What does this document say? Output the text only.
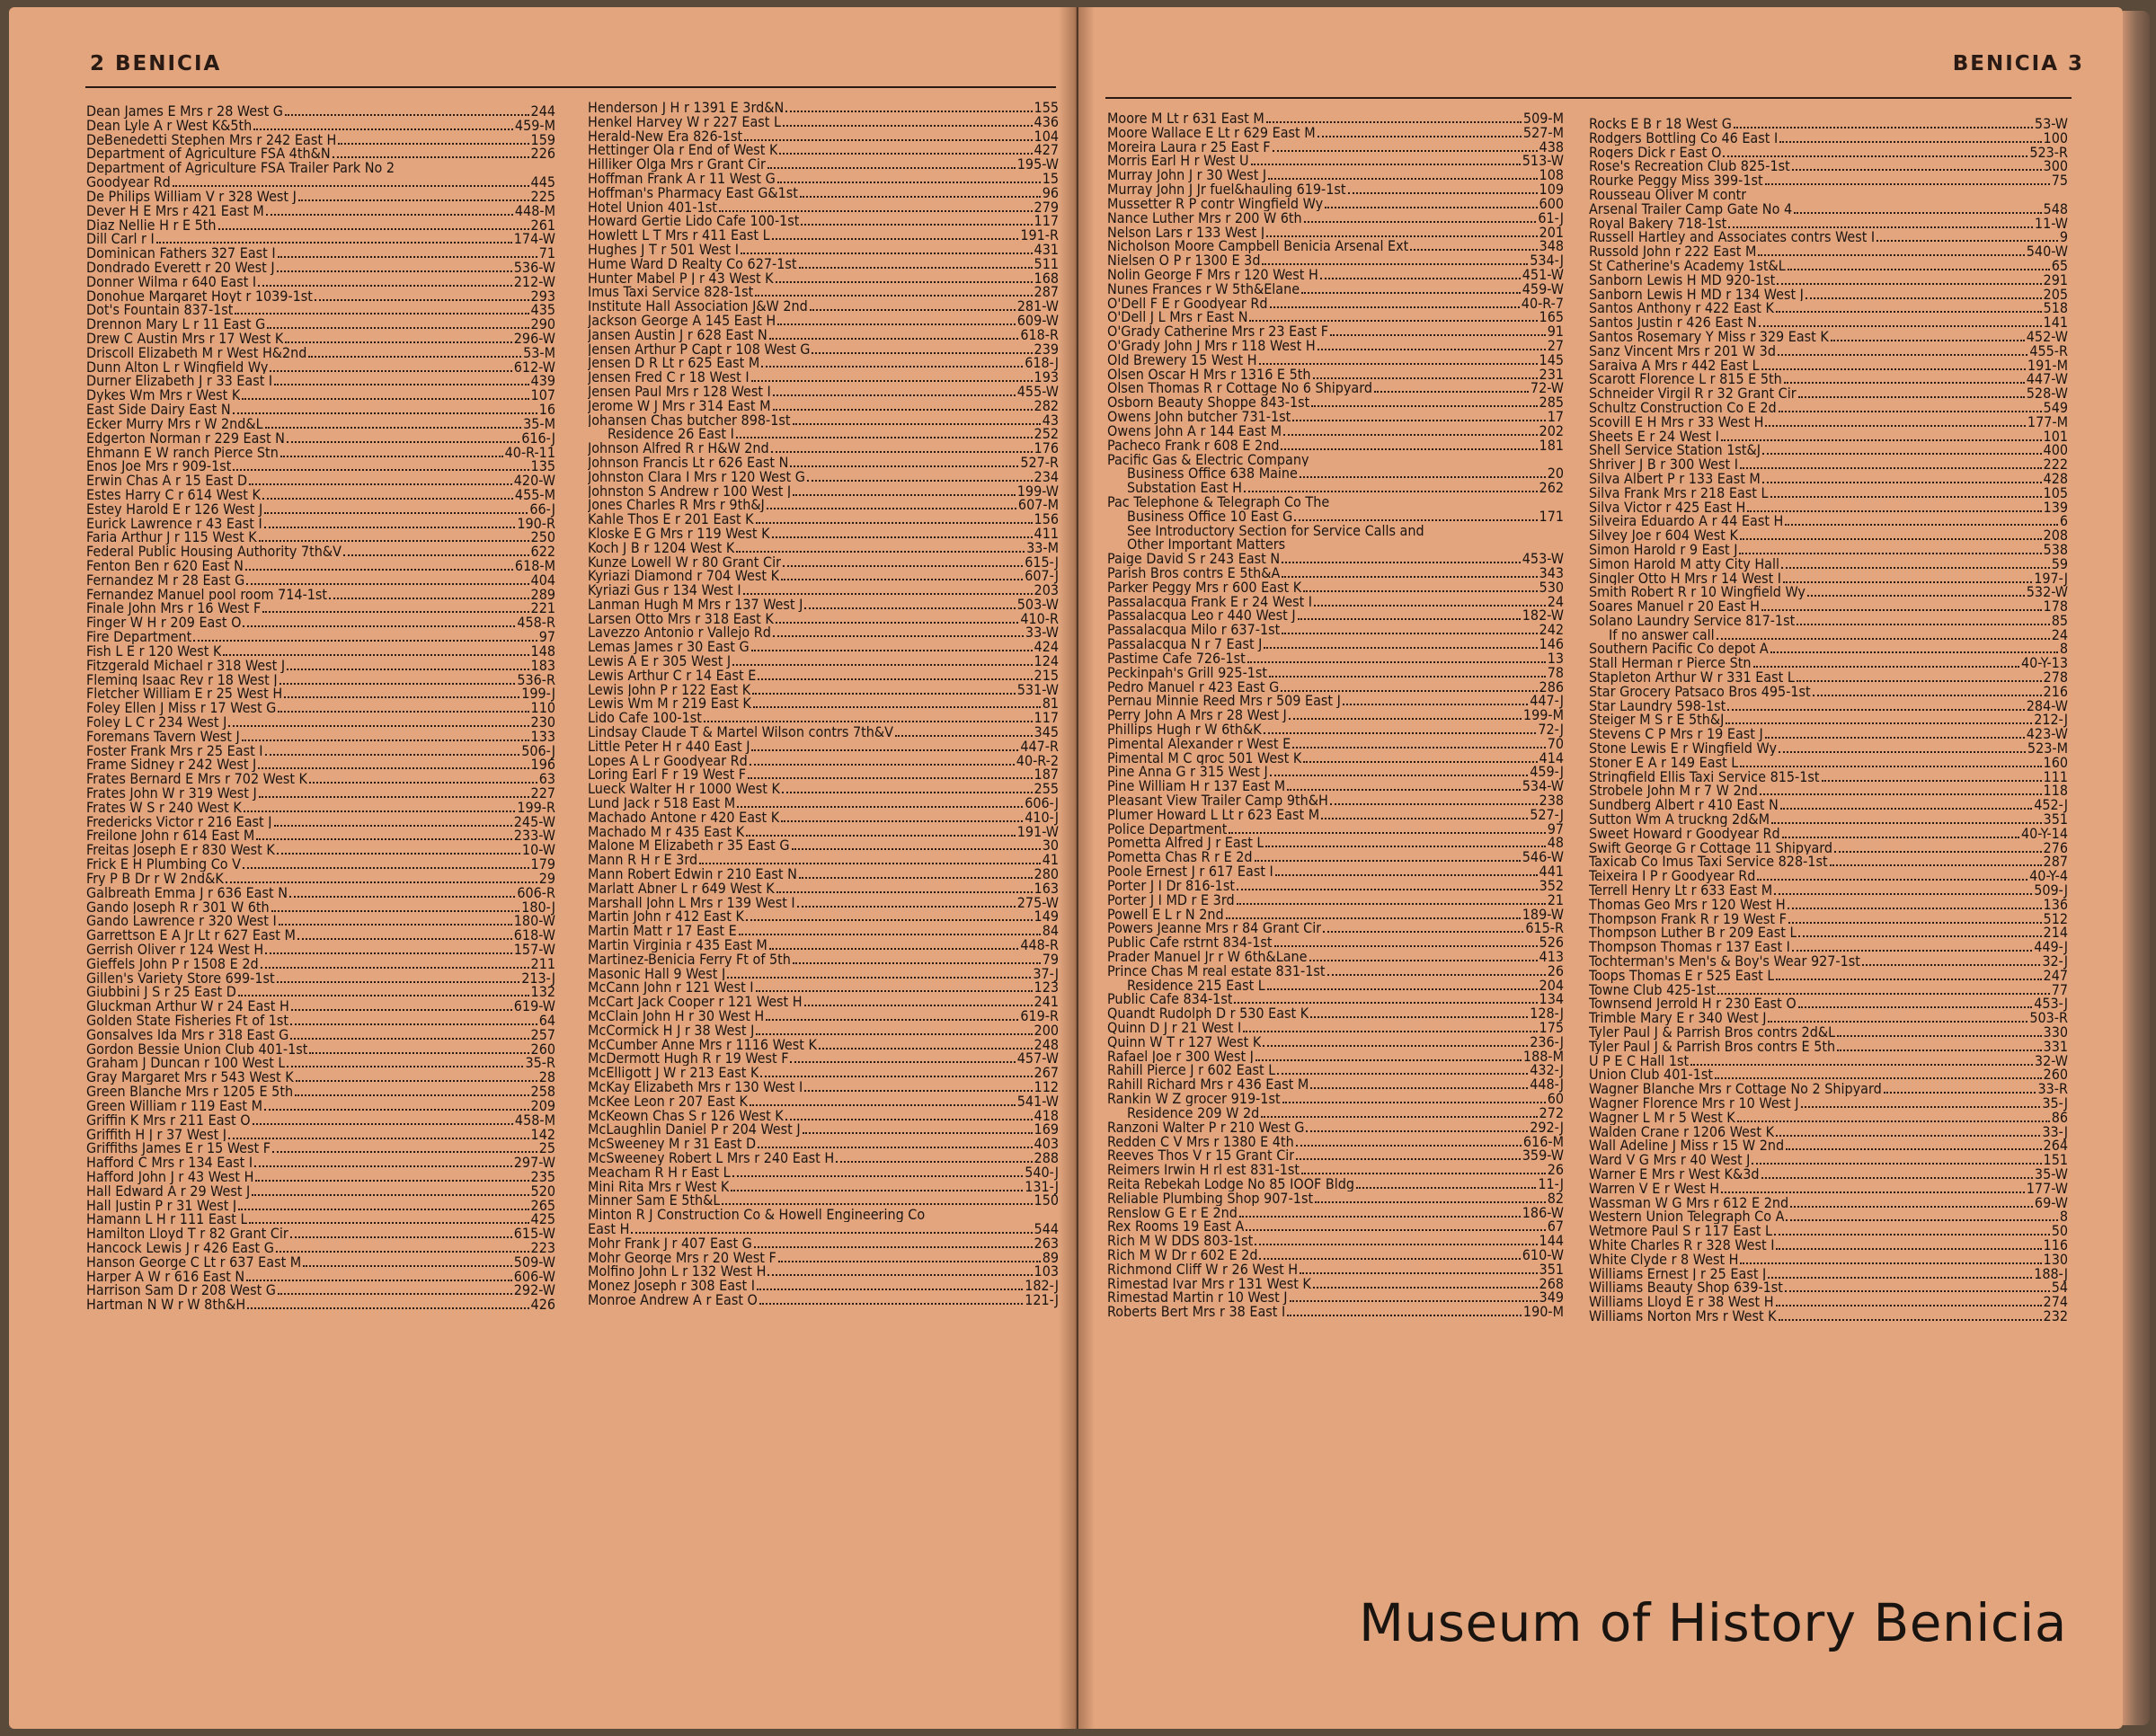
2 BENICIA	BENICIA 3
Dean James E Mrs r 28 West G	244
Dean Lyle A r West K&5th	459-M
DeBenedetti Stephen Mrs r 242 East H	159
Department of Agriculture FSA 4th&N	226
Department of Agriculture FSA Trailer Park No 2
Goodyear Rd	445
De Philips William V r 328 West J	225
Dever H E Mrs r 421 East M	448-M
Diaz Nellie H r E 5th	261
Dill Carl r I	174-W
Dominican Fathers 327 East I	71
Dondrado Everett r 20 West J	536-W
Donner Wilma r 640 East I	212-W
Donohue Margaret Hoyt r 1039-1st	293
Dot's Fountain 837-1st	435
Drennon Mary L r 11 East G	290
Drew C Austin Mrs r 17 West K	296-W
Driscoll Elizabeth M r West H&2nd	53-M
Dunn Alton L r Wingfield Wy	612-W
Durner Elizabeth J r 33 East I	439
Dykes Wm Mrs r West K	107
East Side Dairy East N	16
Ecker Murry Mrs r W 2nd&L	35-M
Edgerton Norman r 229 East N	616-J
Ehmann E W ranch Pierce Stn	40-R-11
Enos Joe Mrs r 909-1st	135
Erwin Chas A r 15 East D	420-W
Estes Harry C r 614 West K	455-M
Estey Harold E r 126 West J	66-J
Eurick Lawrence r 43 East I	190-R
Faria Arthur J r 115 West K	250
Federal Public Housing Authority 7th&V	622
Fenton Ben r 620 East N	618-M
Fernandez M r 28 East G	404
Fernandez Manuel pool room 714-1st	289
Finale John Mrs r 16 West F	221
Finger W H r 209 East O	458-R
Fire Department	97
Fish L E r 120 West K	148
Fitzgerald Michael r 318 West J	183
Fleming Isaac Rev r 18 West J	536-R
Fletcher William E r 25 West H	199-J
Foley Ellen J Miss r 17 West G	110
Foley L C r 234 West J	230
Foremans Tavern West J	133
Foster Frank Mrs r 25 East I	506-J
Frame Sidney r 242 West J	196
Frates Bernard E Mrs r 702 West K	63
Frates John W r 319 West J	227
Frates W S r 240 West K	199-R
Fredericks Victor r 216 East J	245-W
Freilone John r 614 East M	233-W
Freitas Joseph E r 830 West K	10-W
Frick E H Plumbing Co V	179
Fry P B Dr r W 2nd&K	29
Galbreath Emma J r 636 East N	606-R
Gando Joseph R r 301 W 6th	180-J
Gando Lawrence r 320 West I	180-W
Garrettson E A Jr Lt r 627 East M	618-W
Gerrish Oliver r 124 West H	157-W
Gieffels John P r 1508 E 2d	211
Gillen's Variety Store 699-1st	213-J
Giubbini J S r 25 East D	132
Gluckman Arthur W r 24 East H	619-W
Golden State Fisheries Ft of 1st	64
Gonsalves Ida Mrs r 318 East G	257
Gordon Bessie Union Club 401-1st	260
Graham J Duncan r 100 West L	35-R
Gray Margaret Mrs r 543 West K	28
Green Blanche Mrs r 1205 E 5th	258
Green William r 119 East M	209
Griffin K Mrs r 211 East O	458-M
Griffith H J r 37 West J	142
Griffiths James E r 15 West F	25
Hafford C Mrs r 134 East I	297-W
Hafford John J r 43 West H	235
Hall Edward A r 29 West J	520
Hall Justin P r 31 West J	265
Hamann L H r 111 East L	425
Hamilton Lloyd T r 82 Grant Cir	615-W
Hancock Lewis J r 426 East G	223
Hanson George C Lt r 637 East M	509-W
Harper A W r 616 East N	606-W
Harrison Sam D r 208 West G	292-W
Hartman N W r W 8th&H	426
Henderson J H r 1391 E 3rd&N	155
Henkel Harvey W r 227 East L	436
Herald-New Era 826-1st	104
Hettinger Ola r End of West K	427
Hilliker Olga Mrs r Grant Cir	195-W
Hoffman Frank A r 11 West G	15
Hoffman's Pharmacy East G&1st	96
Hotel Union 401-1st	279
Howard Gertie Lido Cafe 100-1st	117
Howlett L T Mrs r 411 East L	191-R
Hughes J T r 501 West I	431
Hume Ward D Realty Co 627-1st	511
Hunter Mabel P J r 43 West K	168
Imus Taxi Service 828-1st	287
Institute Hall Association J&W 2nd	281-W
Jackson George A 145 East H	609-W
Jansen Austin J r 628 East N	618-R
Jensen Arthur P Capt r 108 West G	239
Jensen D R Lt r 625 East M	618-J
Jensen Fred C r 18 West I	193
Jensen Paul Mrs r 128 West I	455-W
Jerome W J Mrs r 314 East M	282
Johansen Chas butcher 898-1st	43
Residence 26 East I	252
Johnson Alfred R r H&W 2nd	176
Johnson Francis Lt r 626 East N	527-R
Johnston Clara I Mrs r 120 West G	234
Johnston S Andrew r 100 West J	199-W
Jones Charles R Mrs r 9th&J	607-M
Kahle Thos E r 201 East K	156
Kloske E G Mrs r 119 West K	411
Koch J B r 1204 West K	33-M
Kunze Lowell W r 80 Grant Cir	615-J
Kyriazi Diamond r 704 West K	607-J
Kyriazi Gus r 134 West I	203
Lanman Hugh M Mrs r 137 West J	503-W
Larsen Otto Mrs r 318 East K	410-R
Lavezzo Antonio r Vallejo Rd	33-W
Lemas James r 30 East G	424
Lewis A E r 305 West J	124
Lewis Arthur C r 14 East E	215
Lewis John P r 122 East K	531-W
Lewis Wm M r 219 East K	81
Lido Cafe 100-1st	117
Lindsay Claude T & Martel Wilson contrs 7th&V	345
Little Peter H r 440 East J	447-R
Lopes A L r Goodyear Rd	40-R-2
Loring Earl F r 19 West F	187
Lueck Walter H r 1000 West K	255
Lund Jack r 518 East M	606-J
Machado Antone r 420 East K	410-J
Machado M r 435 East K	191-W
Malone M Elizabeth r 35 East G	30
Mann R H r E 3rd	41
Mann Robert Edwin r 210 East N	280
Marlatt Abner L r 649 West K	163
Marshall John L Mrs r 139 West I	275-W
Martin John r 412 East K	149
Martin Matt r 17 East E	84
Martin Virginia r 435 East M	448-R
Martinez-Benicia Ferry Ft of 5th	79
Masonic Hall 9 West J	37-J
McCann John r 121 West I	123
McCart Jack Cooper r 121 West H	241
McClain John H r 30 West H	619-R
McCormick H J r 38 West J	200
McCumber Anne Mrs r 1116 West K	248
McDermott Hugh R r 19 West F	457-W
McElligott J W r 213 East K	267
McKay Elizabeth Mrs r 130 West I	112
McKee Leon r 207 East K	541-W
McKeown Chas S r 126 West K	418
McLaughlin Daniel P r 204 West J	169
McSweeney M r 31 East D	403
McSweeney Robert L Mrs r 240 East H	288
Meacham R H r East L	540-J
Mini Rita Mrs r West K	131-J
Minner Sam E 5th&L	150
Minton R J Construction Co & Howell Engineering Co
East H	544
Mohr Frank J r 407 East G	263
Mohr George Mrs r 20 West F	89
Molfino John L r 132 West H	103
Monez Joseph r 308 East I	182-J
Monroe Andrew A r East O	121-J
Moore M Lt r 631 East M	509-M
Moore Wallace E Lt r 629 East M	527-M
Moreira Laura r 25 East F	438
Morris Earl H r West U	513-W
Murray John J r 30 West J	108
Murray John J Jr fuel&hauling 619-1st	109
Mussetter R P contr Wingfield Wy	600
Nance Luther Mrs r 200 W 6th	61-J
Nelson Lars r 133 West J	201
Nicholson Moore Campbell Benicia Arsenal Ext	348
Nielsen O P r 1300 E 3d	534-J
Nolin George F Mrs r 120 West H	451-W
Nunes Frances r W 5th&Elane	459-W
O'Dell F E r Goodyear Rd	40-R-7
O'Dell J L Mrs r East N	165
O'Grady Catherine Mrs r 23 East F	91
O'Grady John J Mrs r 118 West H	27
Old Brewery 15 West H	145
Olsen Oscar H Mrs r 1316 E 5th	231
Olsen Thomas R r Cottage No 6 Shipyard	72-W
Osborn Beauty Shoppe 843-1st	285
Owens John butcher 731-1st	17
Owens John A r 144 East M	202
Pacheco Frank r 608 E 2nd	181
Pacific Gas & Electric Company
Business Office 638 Maine	20
Substation East H	262
Pac Telephone & Telegraph Co The
Business Office 10 East G	171
See Introductory Section for Service Calls and
Other Important Matters
Paige David S r 243 East N	453-W
Parish Bros contrs E 5th&A	343
Parker Peggy Mrs r 600 East K	530
Passalacqua Frank E r 24 West I	24
Passalacqua Leo r 440 West J	182-W
Passalacqua Milo r 637-1st	242
Passalacqua N r 7 East J	146
Pastime Cafe 726-1st	13
Peckinpah's Grill 925-1st	78
Pedro Manuel r 423 East G	286
Pernau Minnie Reed Mrs r 509 East J	447-J
Perry John A Mrs r 28 West J	199-M
Phillips Hugh r W 6th&K	72-J
Pimental Alexander r West E	70
Pimental M C groc 501 West K	414
Pine Anna G r 315 West J	459-J
Pine William H r 137 East M	534-W
Pleasant View Trailer Camp 9th&H	238
Plumer Howard L Lt r 623 East M	527-J
Police Department	97
Pometta Alfred J r East L	48
Pometta Chas R r E 2d	546-W
Poole Ernest J r 617 East I	441
Porter J I Dr 816-1st	352
Porter J I MD r E 3rd	21
Powell E L r N 2nd	189-W
Powers Jeanne Mrs r 84 Grant Cir	615-R
Public Cafe rstrnt 834-1st	526
Prader Manuel Jr r W 6th&Lane	413
Prince Chas M real estate 831-1st	26
Residence 215 East L	204
Public Cafe 834-1st	134
Quandt Rudolph D r 530 East K	128-J
Quinn D J r 21 West I	175
Quinn W T r 127 West K	236-J
Rafael Joe r 300 West J	188-M
Rahill Pierce J r 602 East L	432-J
Rahill Richard Mrs r 436 East M	448-J
Rankin W Z grocer 919-1st	60
Residence 209 W 2d	272
Ranzoni Walter P r 210 West G	292-J
Redden C V Mrs r 1380 E 4th	616-M
Reeves Thos V r 15 Grant Cir	359-W
Reimers Irwin H rl est 831-1st	26
Reita Rebekah Lodge No 85 IOOF Bldg	11-J
Reliable Plumbing Shop 907-1st	82
Renslow G E r E 2nd	186-W
Rex Rooms 19 East A	67
Rich M W DDS 803-1st	144
Rich M W Dr r 602 E 2d	610-W
Richmond Cliff W r 26 West H	351
Rimestad Ivar Mrs r 131 West K	268
Rimestad Martin r 10 West J	349
Roberts Bert Mrs r 38 East I	190-M
Rocks E B r 18 West G	53-W
Rodgers Bottling Co 46 East I	100
Rogers Dick r East O	523-R
Rose's Recreation Club 825-1st	300
Rourke Peggy Miss 399-1st	75
Rousseau Oliver M contr
Arsenal Trailer Camp Gate No 4	548
Royal Bakery 718-1st	11-W
Russell Hartley and Associates contrs West I	9
Russold John r 222 East M	540-W
St Catherine's Academy 1st&L	65
Sanborn Lewis H MD 920-1st	291
Sanborn Lewis H MD r 134 West J	205
Santos Anthony r 422 East K	518
Santos Justin r 426 East N	141
Santos Rosemary Y Miss r 329 East K	452-W
Sanz Vincent Mrs r 201 W 3d	455-R
Saraiva A Mrs r 442 East L	191-M
Scarott Florence L r 815 E 5th	447-W
Schneider Virgil R r 32 Grant Cir	528-W
Schultz Construction Co E 2d	549
Scovill E H Mrs r 33 West H	177-M
Sheets E r 24 West I	101
Shell Service Station 1st&J	400
Shriver J B r 300 West I	222
Silva Albert P r 133 East M	428
Silva Frank Mrs r 218 East L	105
Silva Victor r 425 East H	139
Silveira Eduardo A r 44 East H	6
Silvey Joe r 604 West K	208
Simon Harold r 9 East J	538
Simon Harold M atty City Hall	59
Singler Otto H Mrs r 14 West I	197-J
Smith Robert R r 10 Wingfield Wy	532-W
Soares Manuel r 20 East H	178
Solano Laundry Service 817-1st	85
If no answer call	24
Southern Pacific Co depot A	8
Stall Herman r Pierce Stn	40-Y-13
Stapleton Arthur W r 331 East L	278
Star Grocery Patsaco Bros 495-1st	216
Star Laundry 598-1st	284-W
Steiger M S r E 5th&J	212-J
Stevens C P Mrs r 19 East J	423-W
Stone Lewis E r Wingfield Wy	523-M
Stoner E A r 149 East L	160
Stringfield Ellis Taxi Service 815-1st	111
Strobele John M r 7 W 2nd	118
Sundberg Albert r 410 East N	452-J
Sutton Wm A truckng 2d&M	351
Sweet Howard r Goodyear Rd	40-Y-14
Swift George G r Cottage 11 Shipyard	276
Taxicab Co Imus Taxi Service 828-1st	287
Teixeira I P r Goodyear Rd	40-Y-4
Terrell Henry Lt r 633 East M	509-J
Thomas Geo Mrs r 120 West H	136
Thompson Frank R r 19 West F	512
Thompson Luther B r 209 East L	214
Thompson Thomas r 137 East I	449-J
Tochterman's Men's & Boy's Wear 927-1st	32-J
Toops Thomas E r 525 East L	247
Towne Club 425-1st	77
Townsend Jerrold H r 230 East O	453-J
Trimble Mary E r 340 West J	503-R
Tyler Paul J & Parrish Bros contrs 2d&L	330
Tyler Paul J & Parrish Bros contrs E 5th	331
U P E C Hall 1st	32-W
Union Club 401-1st	260
Wagner Blanche Mrs r Cottage No 2 Shipyard	33-R
Wagner Florence Mrs r 10 West J	35-J
Wagner L M r 5 West K	86
Walden Crane r 1206 West K	33-J
Wall Adeline J Miss r 15 W 2nd	264
Ward V G Mrs r 40 West J	151
Warner E Mrs r West K&3d	35-W
Warren V E r West H	177-W
Wassman W G Mrs r 612 E 2nd	69-W
Western Union Telegraph Co A	8
Wetmore Paul S r 117 East L	50
White Charles R r 328 West I	116
White Clyde r 8 West H	130
Williams Ernest J r 25 East J	188-J
Williams Beauty Shop 639-1st	54
Williams Lloyd E r 38 West H	274
Williams Norton Mrs r West K	232
Museum of History Benicia
